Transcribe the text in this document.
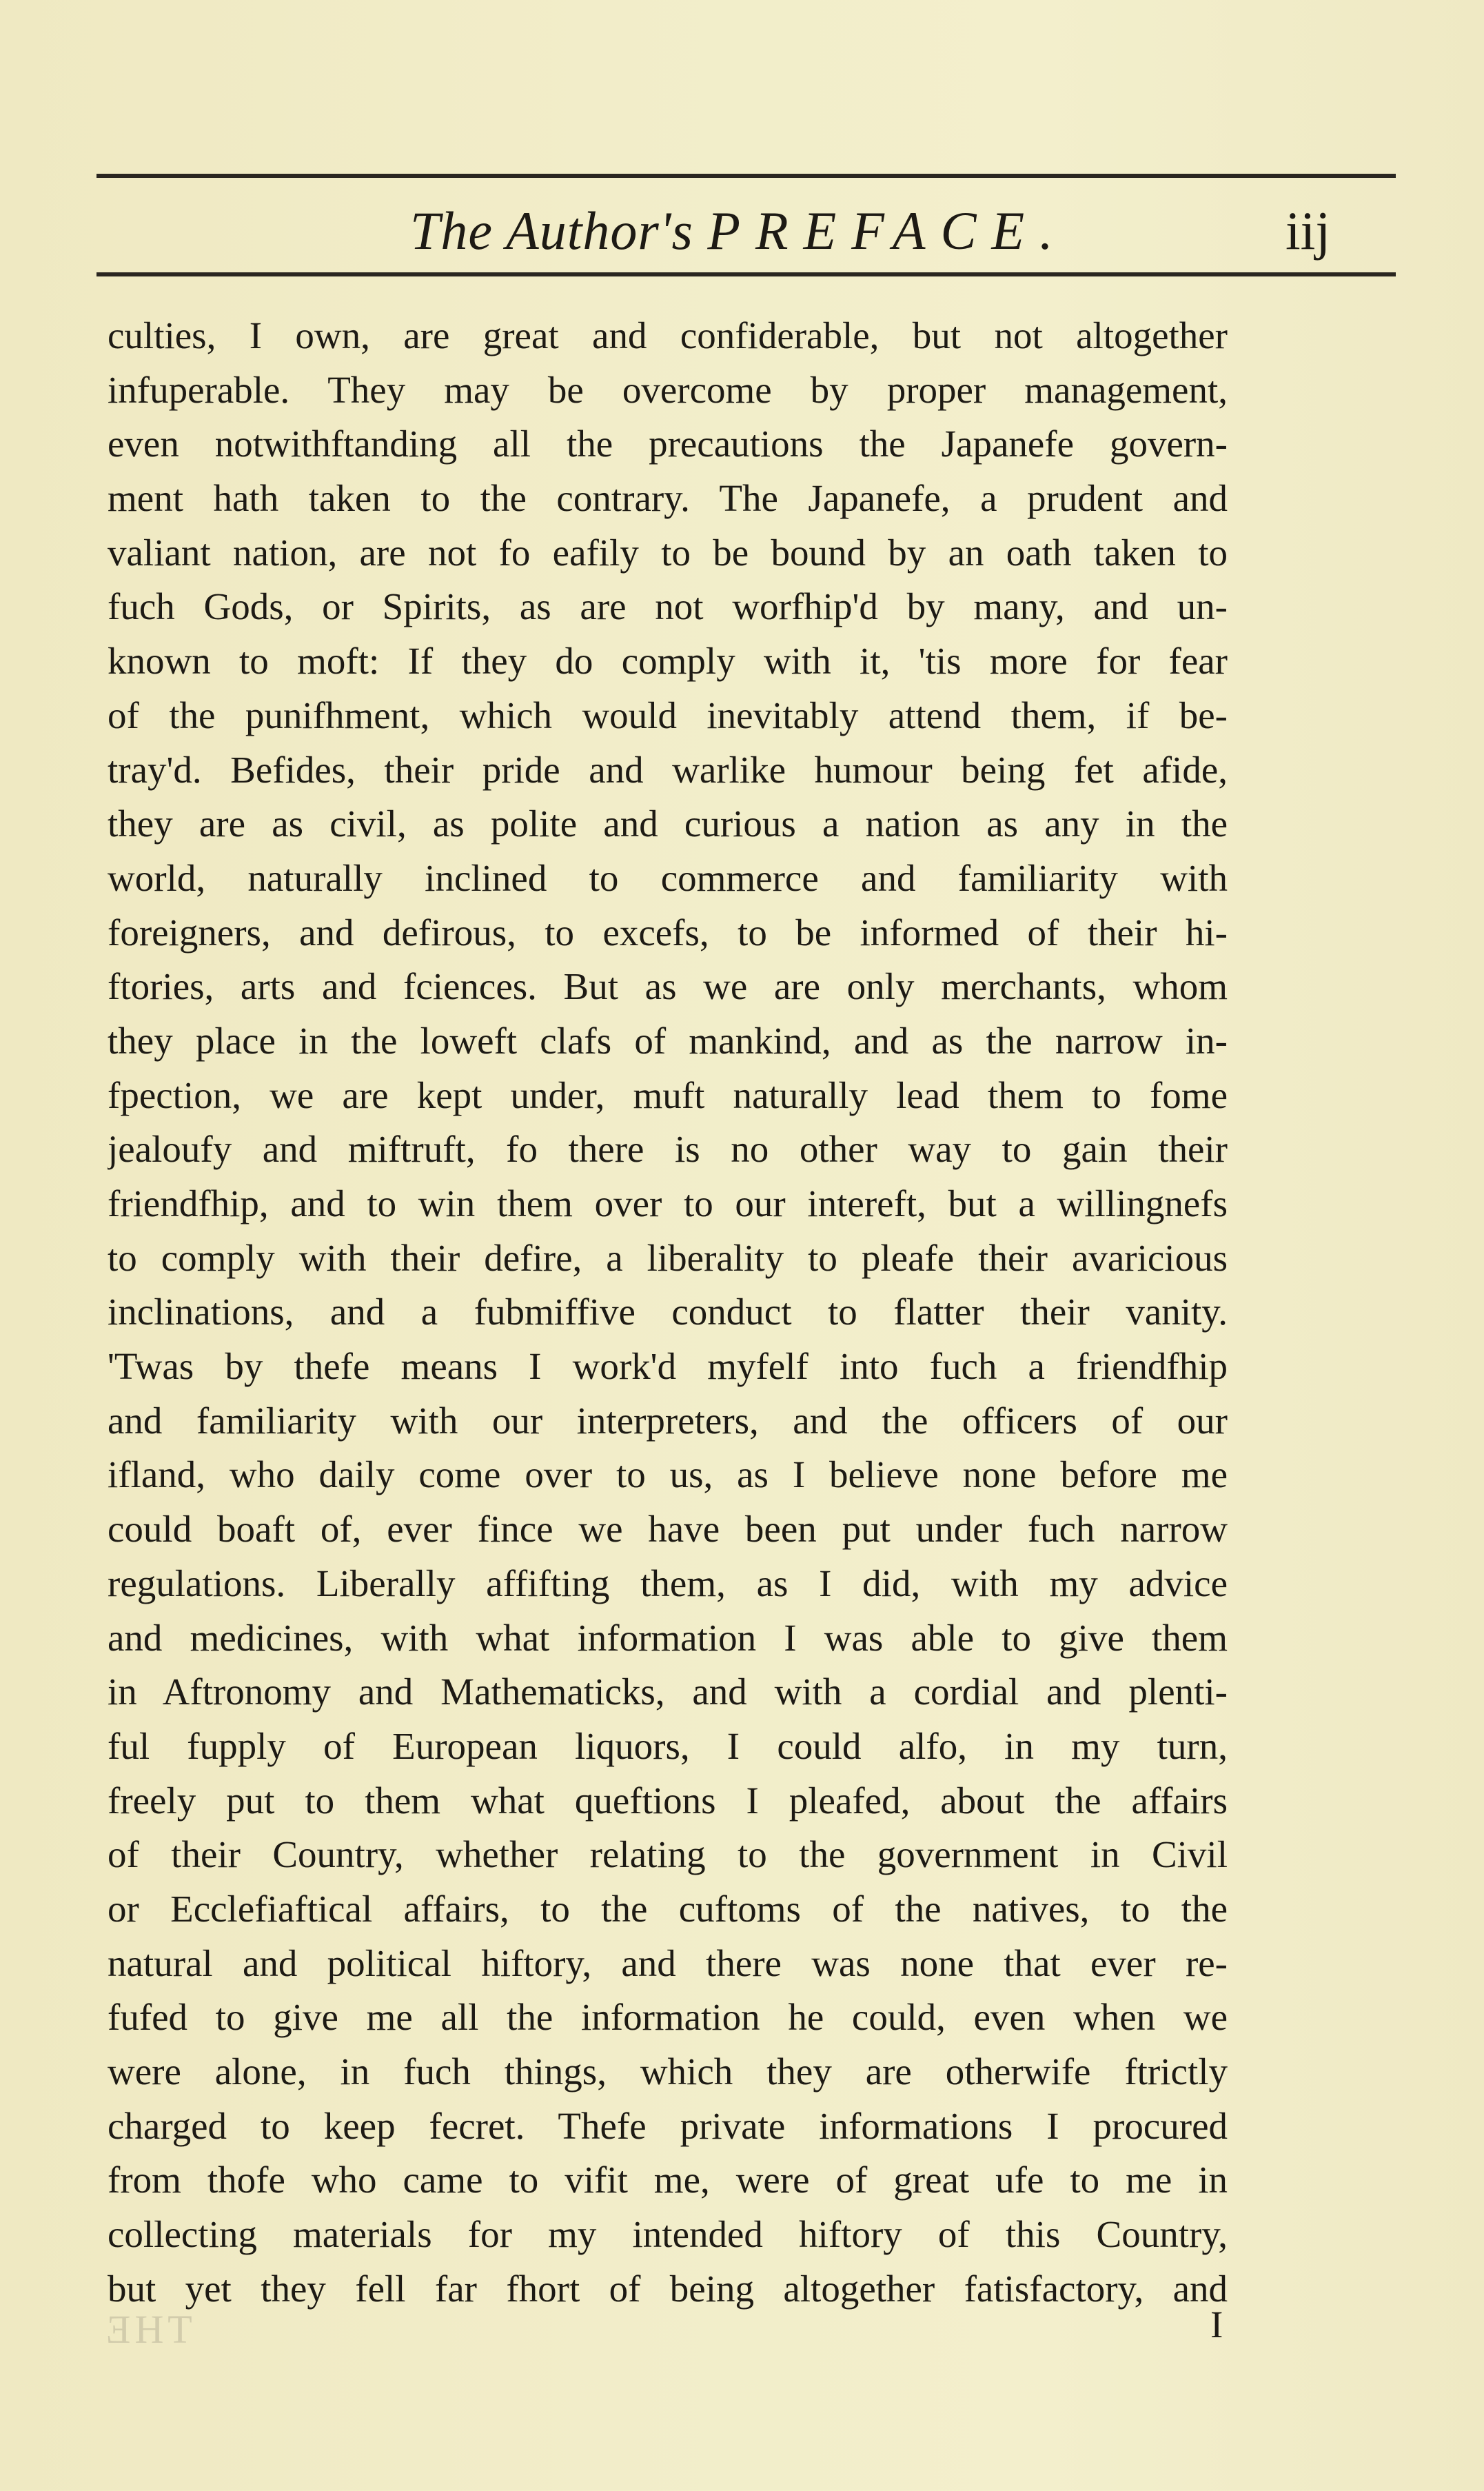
The Author's PREFACE.	iij
culties, I own, are great and confiderable, but not altogether
infuperable. They may be overcome by proper management,
even notwithftanding all the precautions the Japanefe govern-
ment hath taken to the contrary. The Japanefe, a prudent and
valiant nation, are not fo eafily to be bound by an oath taken to
fuch Gods, or Spirits, as are not worfhip'd by many, and un-
known to moft: If they do comply with it, 'tis more for fear
of the punifhment, which would inevitably attend them, if be-
tray'd. Befides, their pride and warlike humour being fet afide,
they are as civil, as polite and curious a nation as any in the
world, naturally inclined to commerce and familiarity with
foreigners, and defirous, to excefs, to be informed of their hi-
ftories, arts and fciences. But as we are only merchants, whom
they place in the loweft clafs of mankind, and as the narrow in-
fpection, we are kept under, muft naturally lead them to fome
jealoufy and miftruft, fo there is no other way to gain their
friendfhip, and to win them over to our intereft, but a willingnefs
to comply with their defire, a liberality to pleafe their avaricious
inclinations, and a fubmiffive conduct to flatter their vanity.
'Twas by thefe means I work'd myfelf into fuch a friendfhip
and familiarity with our interpreters, and the officers of our
ifland, who daily come over to us, as I believe none before me
could boaft of, ever fince we have been put under fuch narrow
regulations. Liberally affifting them, as I did, with my advice
and medicines, with what information I was able to give them
in Aftronomy and Mathematicks, and with a cordial and plenti-
ful fupply of European liquors, I could alfo, in my turn,
freely put to them what queftions I pleafed, about the affairs
of their Country, whether relating to the government in Civil
or Ecclefiaftical affairs, to the cuftoms of the natives, to the
natural and political hiftory, and there was none that ever re-
fufed to give me all the information he could, even when we
were alone, in fuch things, which they are otherwife ftrictly
charged to keep fecret. Thefe private informations I procured
from thofe who came to vifit me, were of great ufe to me in
collecting materials for my intended hiftory of this Country,
but yet they fell far fhort of being altogether fatisfactory, and
THE	I
